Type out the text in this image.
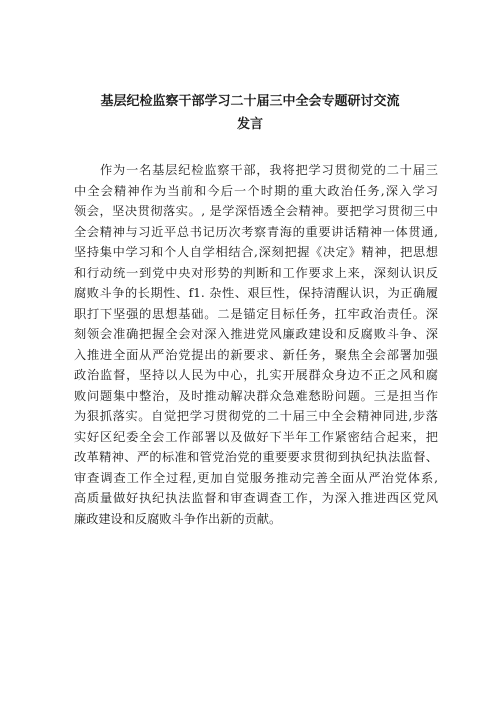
基层纪检监察干部学习二十届三中全会专题研讨交流
发言
作为一名基层纪检监察干部，我将把学习贯彻党的二十届三
中全会精神作为当前和今后一个时期的重大政治任务,深入学习
领会，坚决贯彻落实。, 是学深悟透全会精神。要把学习贯彻三中
全会精神与习近平总书记历次考察青海的重要讲话精神一体贯通,
坚持集中学习和个人自学相结合,深刻把握《决定》精神，把思想
和行动统一到党中央对形势的判断和工作要求上来，深刻认识反
腐败斗争的长期性、f1. 杂性、艰巨性，保持清醒认识，为正确履
职打下坚强的思想基础。二是锚定目标任务，扛牢政治责任。深
刻领会准确把握全会对深入推进党风廉政建设和反腐败斗争、深
入推进全面从严治党提出的新要求、新任务，聚焦全会部署加强
政治监督，坚持以人民为中心，扎实开展群众身边不正之风和腐
败问题集中整治，及时推动解决群众急难愁盼问题。三是担当作
为狠抓落实。自觉把学习贯彻党的二十届三中全会精神同进,步落
实好区纪委全会工作部署以及做好下半年工作紧密结合起来，把
改革精神、严的标准和管党治党的重要要求贯彻到执纪执法监督、
审查调查工作全过程,更加自觉服务推动完善全面从严治党体系,
高质量做好执纪执法监督和审查调查工作，为深入推进西区党风
廉政建设和反腐败斗争作出新的贡献。
